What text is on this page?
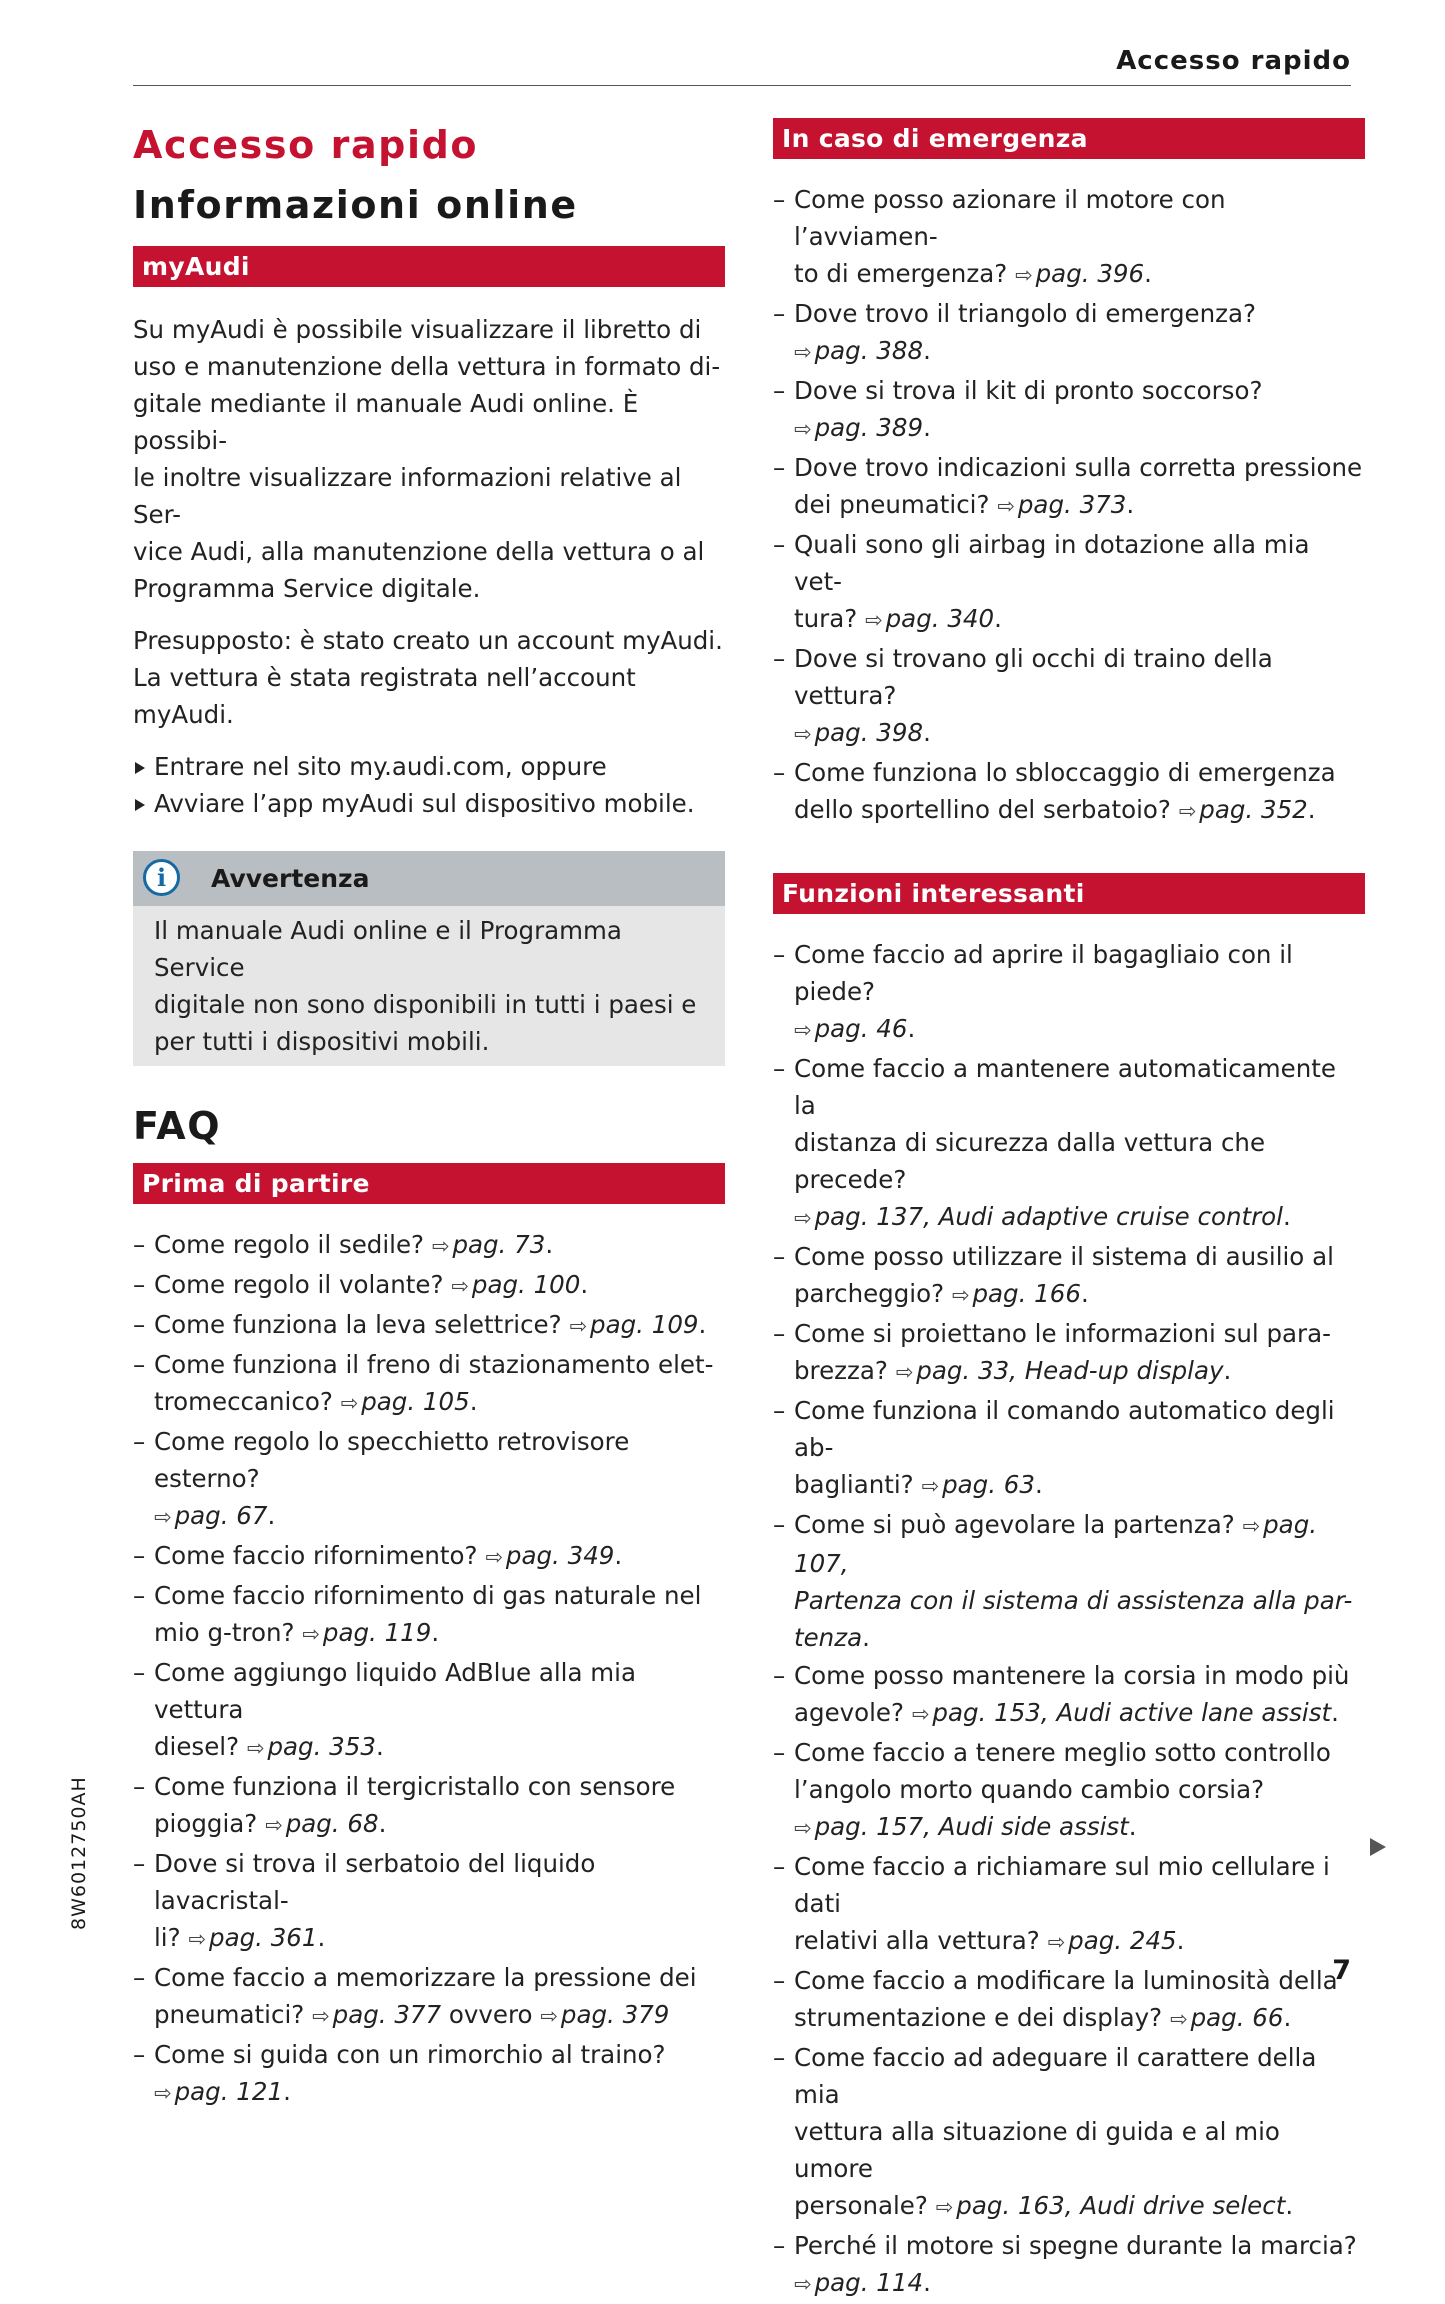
Accesso rapido
Accesso rapido
Informazioni online
myAudi
Su myAudi è possibile visualizzare il libretto di
uso e manutenzione della vettura in formato di-
gitale mediante il manuale Audi online. È possibi-
le inoltre visualizzare informazioni relative al Ser-
vice Audi, alla manutenzione della vettura o al
Programma Service digitale.
Presupposto: è stato creato un account myAudi.
La vettura è stata registrata nell’account myAudi.
Entrare nel sito my.audi.com, oppure
Avviare l’app myAudi sul dispositivo mobile.
i	Avvertenza
Il manuale Audi online e il Programma Service
digitale non sono disponibili in tutti i paesi e
per tutti i dispositivi mobili.
FAQ
Prima di partire
– Come regolo il sedile? ⇨ pag. 73.
– Come regolo il volante? ⇨ pag. 100.
– Come funziona la leva selettrice? ⇨ pag. 109.
– Come funziona il freno di stazionamento elet-
tromeccanico? ⇨ pag. 105.
– Come regolo lo specchietto retrovisore esterno?
⇨ pag. 67.
– Come faccio rifornimento? ⇨ pag. 349.
– Come faccio rifornimento di gas naturale nel
mio g-tron? ⇨ pag. 119.
– Come aggiungo liquido AdBlue alla mia vettura
diesel? ⇨ pag. 353.
– Come funziona il tergicristallo con sensore
pioggia? ⇨ pag. 68.
– Dove si trova il serbatoio del liquido lavacristal-
li? ⇨ pag. 361.
– Come faccio a memorizzare la pressione dei
pneumatici? ⇨ pag. 377 ovvero ⇨ pag. 379
– Come si guida con un rimorchio al traino?
⇨ pag. 121.
In caso di emergenza
– Come posso azionare il motore con l’avviamen-
to di emergenza? ⇨ pag. 396.
– Dove trovo il triangolo di emergenza?
⇨ pag. 388.
– Dove si trova il kit di pronto soccorso?
⇨ pag. 389.
– Dove trovo indicazioni sulla corretta pressione
dei pneumatici? ⇨ pag. 373.
– Quali sono gli airbag in dotazione alla mia vet-
tura? ⇨ pag. 340.
– Dove si trovano gli occhi di traino della vettura?
⇨ pag. 398.
– Come funziona lo sbloccaggio di emergenza
dello sportellino del serbatoio? ⇨ pag. 352.
Funzioni interessanti
– Come faccio ad aprire il bagagliaio con il piede?
⇨ pag. 46.
– Come faccio a mantenere automaticamente la
distanza di sicurezza dalla vettura che precede?
⇨ pag. 137, Audi adaptive cruise control.
– Come posso utilizzare il sistema di ausilio al
parcheggio? ⇨ pag. 166.
– Come si proiettano le informazioni sul para-
brezza? ⇨ pag. 33, Head-up display.
– Come funziona il comando automatico degli ab-
baglianti? ⇨ pag. 63.
– Come si può agevolare la partenza? ⇨ pag. 107,
Partenza con il sistema di assistenza alla par-
tenza.
– Come posso mantenere la corsia in modo più
agevole? ⇨ pag. 153, Audi active lane assist.
– Come faccio a tenere meglio sotto controllo
l’angolo morto quando cambio corsia?
⇨ pag. 157, Audi side assist.
– Come faccio a richiamare sul mio cellulare i dati
relativi alla vettura? ⇨ pag. 245.
– Come faccio a modificare la luminosità della
strumentazione e dei display? ⇨ pag. 66.
– Come faccio ad adeguare il carattere della mia
vettura alla situazione di guida e al mio umore
personale? ⇨ pag. 163, Audi drive select.
– Perché il motore si spegne durante la marcia?
⇨ pag. 114.
8W6012750AH
7
